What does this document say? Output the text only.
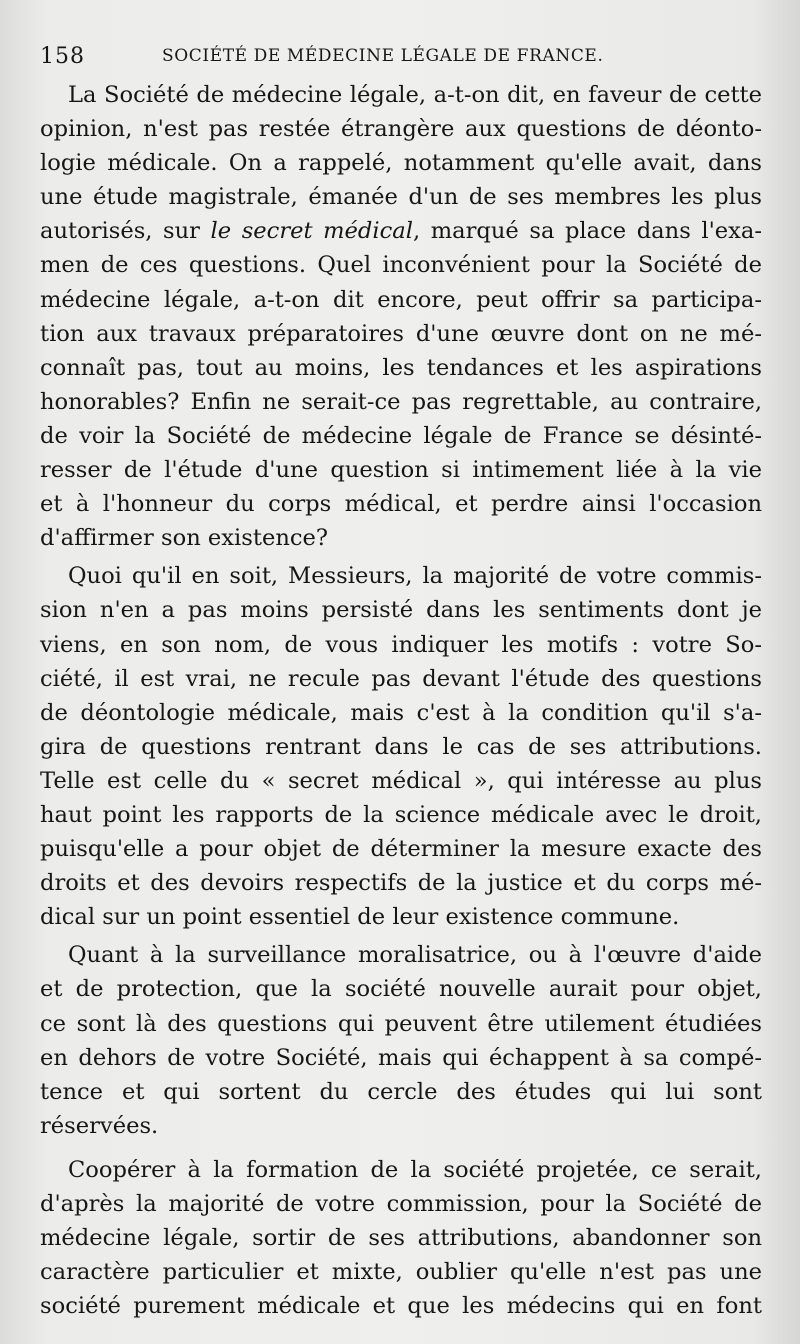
158	SOCIÉTÉ DE MÉDECINE LÉGALE DE FRANCE.
La Société de médecine légale, a-t-on dit, en faveur de cette
opinion, n'est pas restée étrangère aux questions de déonto-
logie médicale. On a rappelé, notamment qu'elle avait, dans
une étude magistrale, émanée d'un de ses membres les plus
autorisés, sur le secret médical, marqué sa place dans l'exa-
men de ces questions. Quel inconvénient pour la Société de
médecine légale, a-t-on dit encore, peut offrir sa participa-
tion aux travaux préparatoires d'une œuvre dont on ne mé-
connaît pas, tout au moins, les tendances et les aspirations
honorables? Enfin ne serait-ce pas regrettable, au contraire,
de voir la Société de médecine légale de France se désinté-
resser de l'étude d'une question si intimement liée à la vie
et à l'honneur du corps médical, et perdre ainsi l'occasion
d'affirmer son existence?
Quoi qu'il en soit, Messieurs, la majorité de votre commis-
sion n'en a pas moins persisté dans les sentiments dont je
viens, en son nom, de vous indiquer les motifs : votre So-
ciété, il est vrai, ne recule pas devant l'étude des questions
de déontologie médicale, mais c'est à la condition qu'il s'a-
gira de questions rentrant dans le cas de ses attributions.
Telle est celle du « secret médical », qui intéresse au plus
haut point les rapports de la science médicale avec le droit,
puisqu'elle a pour objet de déterminer la mesure exacte des
droits et des devoirs respectifs de la justice et du corps mé-
dical sur un point essentiel de leur existence commune.
Quant à la surveillance moralisatrice, ou à l'œuvre d'aide
et de protection, que la société nouvelle aurait pour objet,
ce sont là des questions qui peuvent être utilement étudiées
en dehors de votre Société, mais qui échappent à sa compé-
tence et qui sortent du cercle des études qui lui sont
réservées.
Coopérer à la formation de la société projetée, ce serait,
d'après la majorité de votre commission, pour la Société de
médecine légale, sortir de ses attributions, abandonner son
caractère particulier et mixte, oublier qu'elle n'est pas une
société purement médicale et que les médecins qui en font
